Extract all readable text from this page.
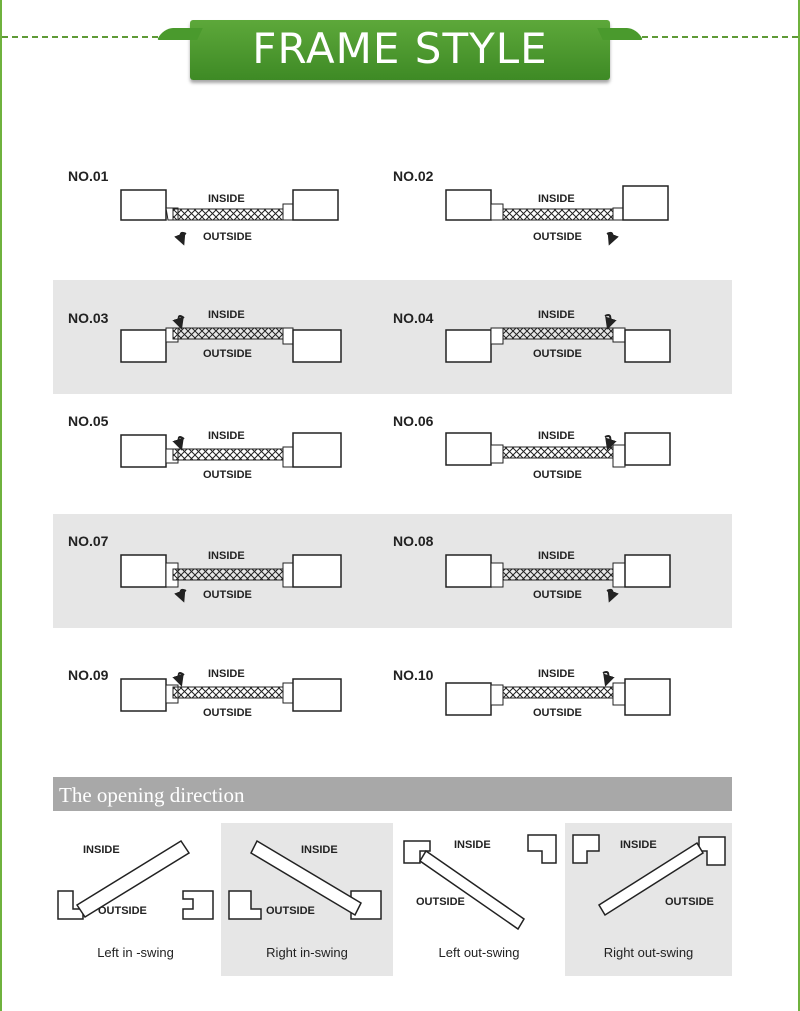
FRAME STYLE
NO.01
INSIDE
OUTSIDE
NO.02
INSIDE
OUTSIDE
NO.03	INSIDE
OUTSIDE
NO.04	INSIDE
OUTSIDE
NO.05
INSIDE
OUTSIDE
NO.06
INSIDE
OUTSIDE
NO.07
INSIDE
OUTSIDE
NO.08
INSIDE
OUTSIDE
NO.09	INSIDE
OUTSIDE
NO.10	INSIDE
OUTSIDE
The opening direction
INSIDE
OUTSIDE
Left in -swing
INSIDE
OUTSIDE
Right in-swing
INSIDE
OUTSIDE
Left out-swing
INSIDE
OUTSIDE
Right out-swing
